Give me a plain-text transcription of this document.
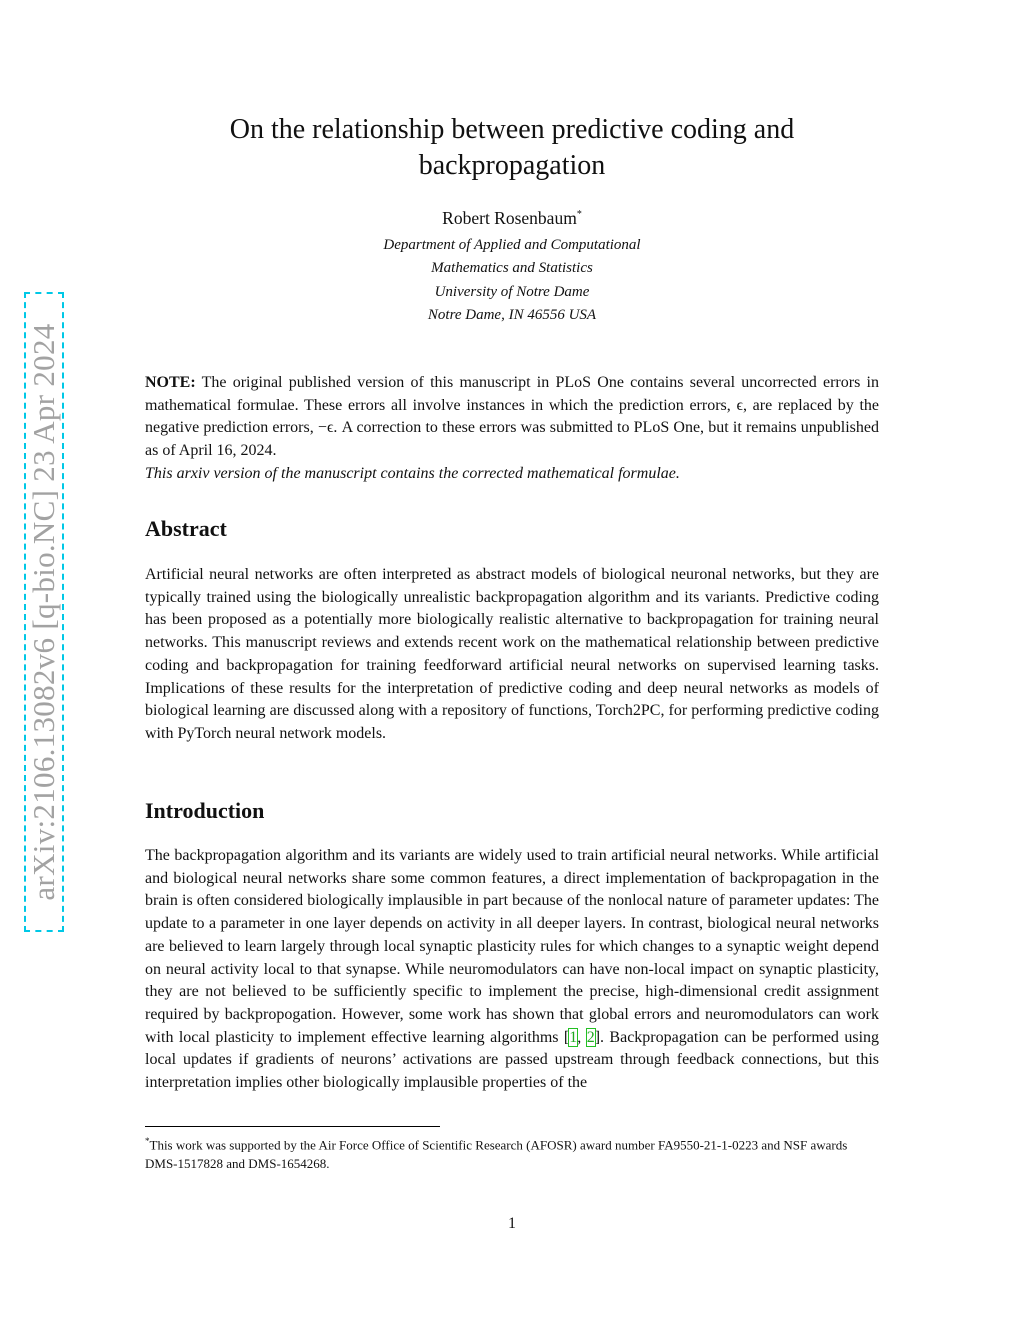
arXiv:2106.13082v6 [q-bio.NC] 23 Apr 2024
On the relationship between predictive coding and
backpropagation
Robert Rosenbaum*
Department of Applied and Computational
Mathematics and Statistics
University of Notre Dame
Notre Dame, IN 46556 USA

NOTE: The original published version of this manuscript in PLoS One contains several uncorrected errors in mathematical formulae. These errors all involve instances in which the prediction errors, ϵ, are replaced by the negative prediction errors, −ϵ. A correction to these errors was submitted to PLoS One, but it remains unpublished as of April 16, 2024.

This arxiv version of the manuscript contains the corrected mathematical formulae.
Abstract
Artificial neural networks are often interpreted as abstract models of biological neuronal networks, but they are typically trained using the biologically unrealistic backpropagation algorithm and its variants. Predictive coding has been proposed as a potentially more biologically realistic alternative to backpropagation for training neural networks. This manuscript reviews and extends recent work on the mathematical relationship between predictive coding and backpropagation for training feedforward artificial neural networks on supervised learning tasks. Implications of these results for the interpretation of predictive coding and deep neural networks as models of biological learning are discussed along with a repository of functions, Torch2PC, for performing predictive coding with PyTorch neural network models.
Introduction
The backpropagation algorithm and its variants are widely used to train artificial neural networks. While artificial and biological neural networks share some common features, a direct implementation of backpropagation in the brain is often considered biologically implausible in part because of the nonlocal nature of parameter updates: The update to a parameter in one layer depends on activity in all deeper layers. In contrast, biological neural networks are believed to learn largely through local synaptic plasticity rules for which changes to a synaptic weight depend on neural activity local to that synapse. While neuromodulators can have non-local impact on synaptic plasticity, they are not believed to be sufficiently specific to implement the precise, high-dimensional credit assignment required by backpropogation. However, some work has shown that global errors and neuromodulators can work with local plasticity to implement effective learning algorithms [1, 2]. Backpropagation can be performed using local updates if gradients of neurons’ activations are passed upstream through feedback connections, but this interpretation implies other biologically implausible properties of the
*This work was supported by the Air Force Office of Scientific Research (AFOSR) award number FA9550-21-1-0223 and NSF awards DMS-1517828 and DMS-1654268.
1
